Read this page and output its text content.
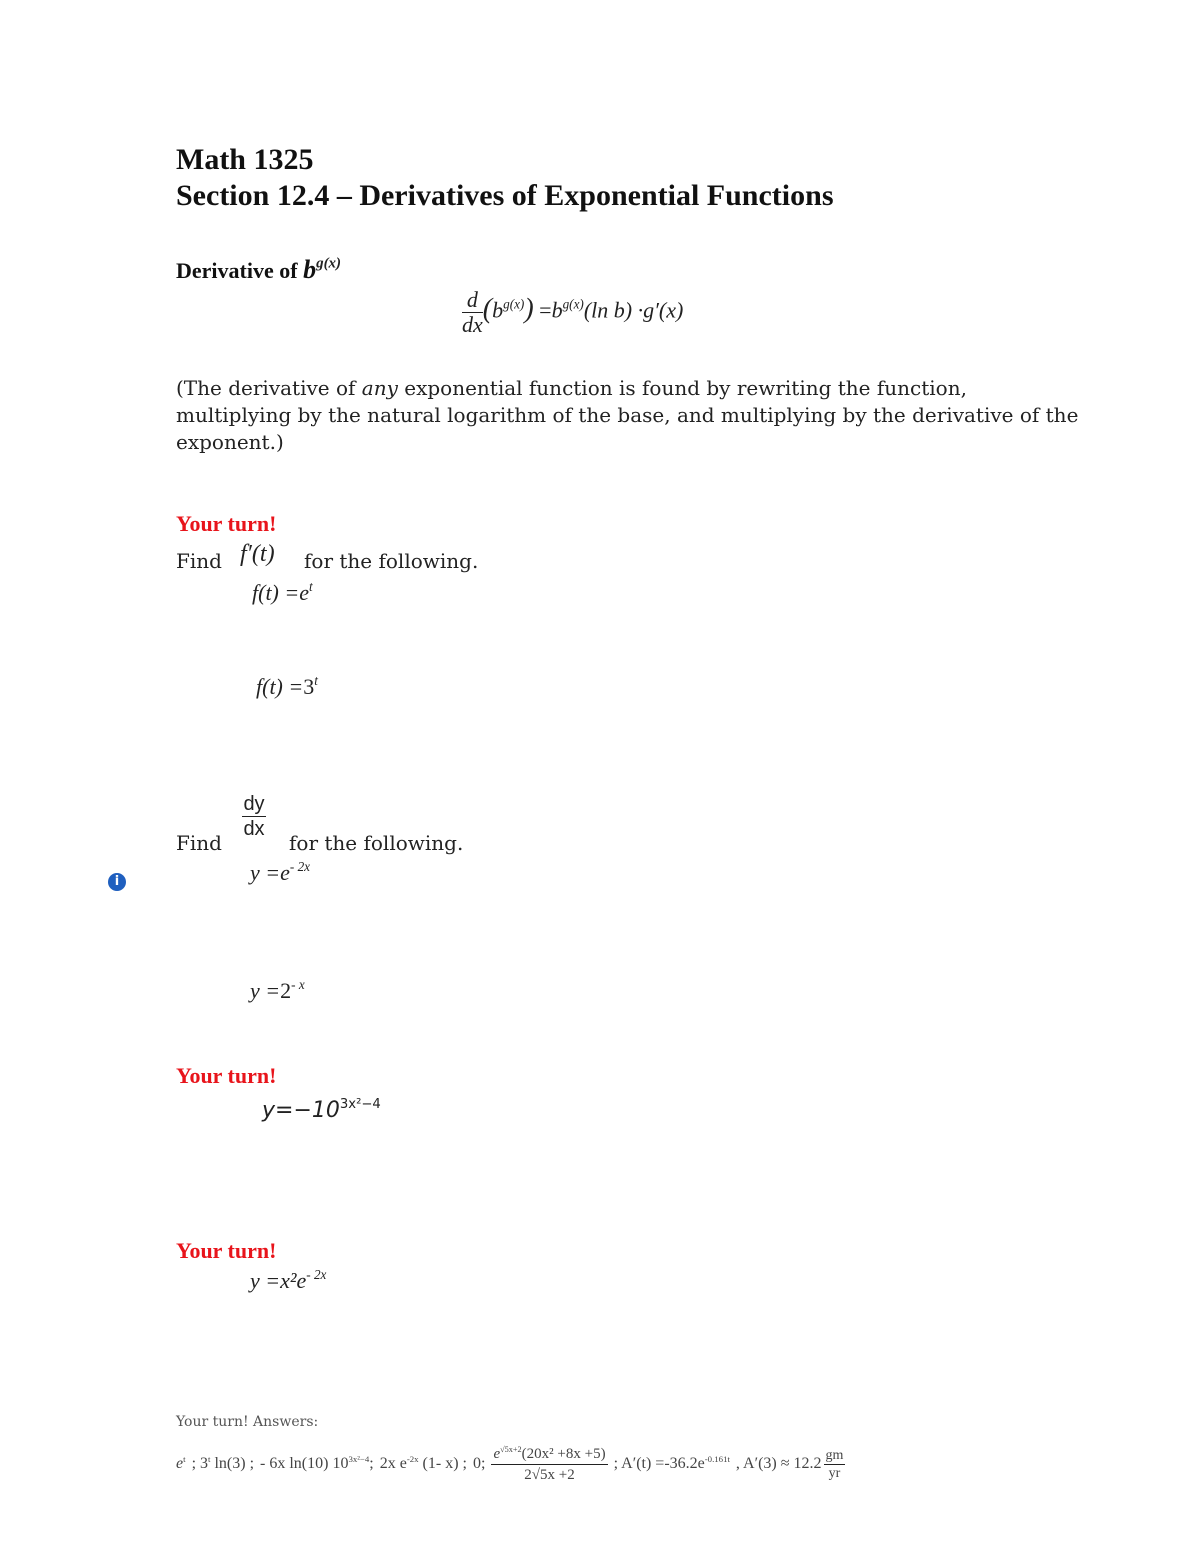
Math 1325
Section 12.4 – Derivatives of Exponential Functions
Derivative of $b^{g(x)}$
$\frac{d}{dx} (b^{g(x)}) =b^{g(x)}(\ln$ b) ·g′(x)
(The derivative of any exponential function is found by rewriting the function,
multiplying by the natural logarithm of the base, and multiplying by the derivative of the
exponent.)
Your turn!
Find f′(t) for the following.
$f(t) =e^t$
$f(t) =3^t$
Find
$\frac{dy}{dx}$
for the following.
i	$y =e^{- 2x}$
$y =2^{- x}$
Your turn!
$y=-10^{3x^2-4}$
Your turn!
$y =x^2e^{- 2x}$
Your turn! Answers:
$e^t$ ; 3$^t$ ln(3) ; - 6x ln(10) $10^{3x^2-4}$; 2x $e^{-2x}$ (1- x) ; 0; $\frac{e^{√5x+2}(20x^2 +8x +5)}{2√5x +2}$ ; $A'(t) =-36.2e^{-0.161t}$ , $A'(3) \approx 12.2 \frac{gm}{yr}$
